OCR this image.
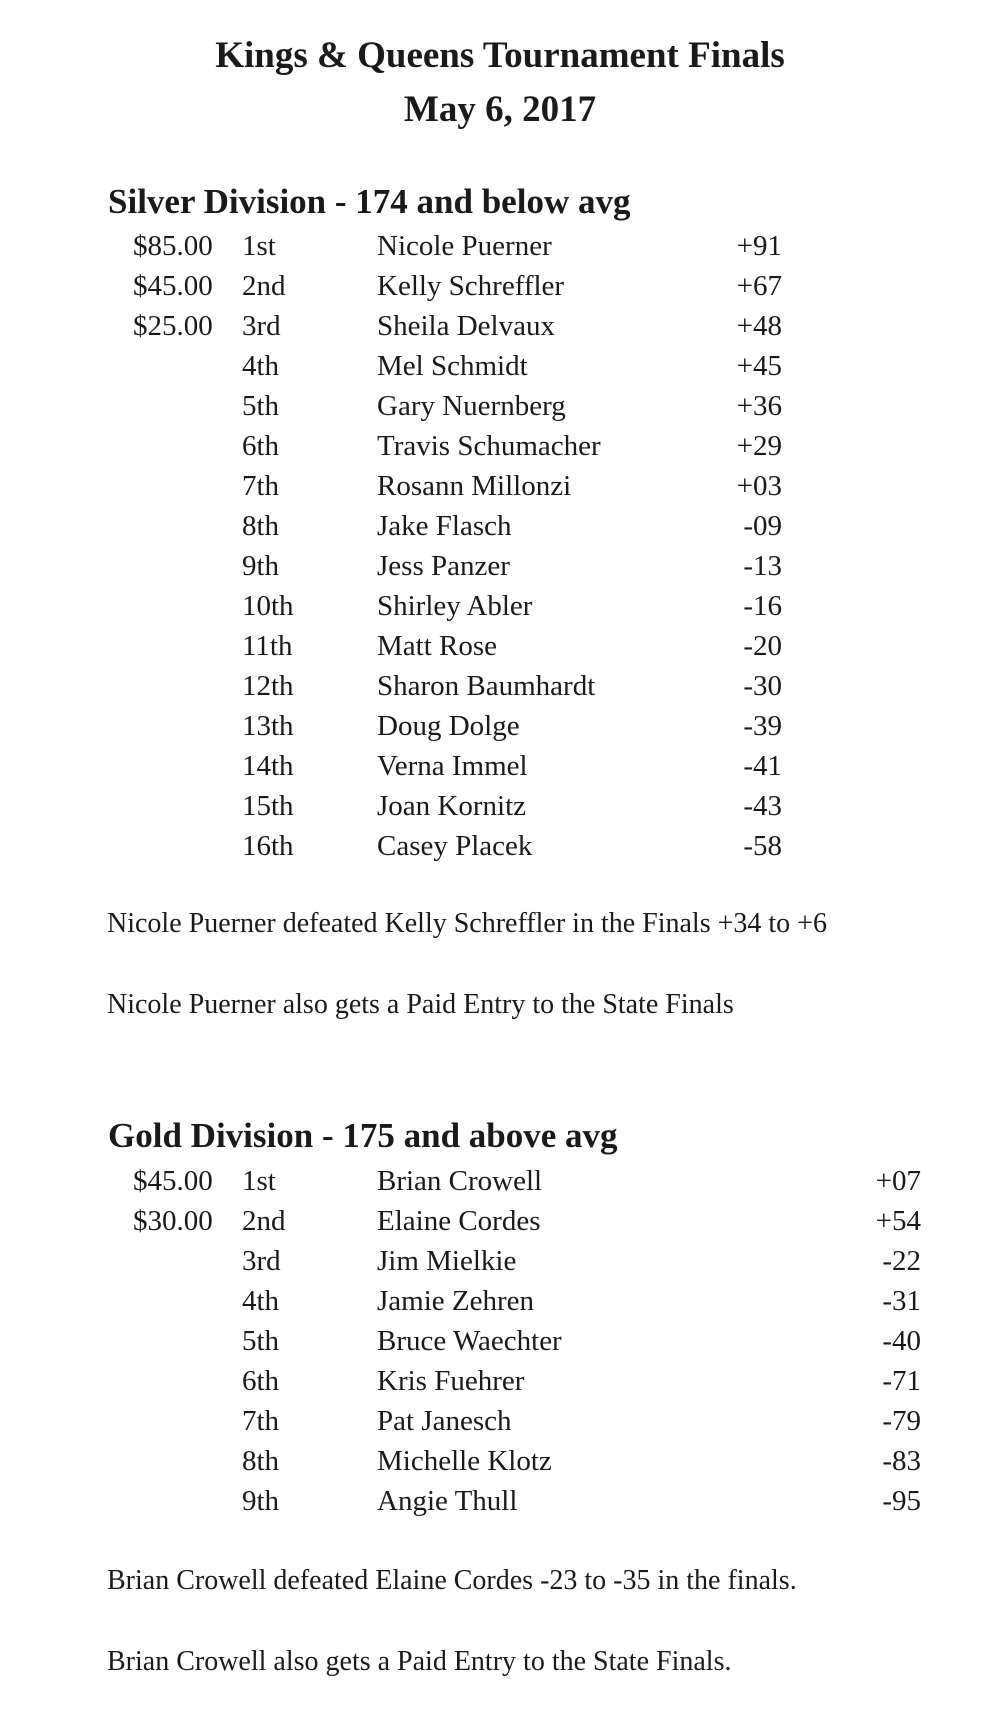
Kings & Queens Tournament Finals
May 6, 2017
Silver Division - 174 and below avg
$85.00 1st	Nicole Puerner	+91
$45.00 2nd	Kelly Schreffler	+67
$25.00 3rd	Sheila Delvaux	+48
4th	Mel Schmidt	+45
5th	Gary Nuernberg	+36
6th	Travis Schumacher	+29
7th	Rosann Millonzi	+03
8th	Jake Flasch	-09
9th	Jess Panzer	-13
10th	Shirley Abler	-16
11th	Matt Rose	-20
12th	Sharon Baumhardt	-30
13th	Doug Dolge	-39
14th	Verna Immel	-41
15th	Joan Kornitz	-43
16th	Casey Placek	-58

Nicole Puerner defeated Kelly Schreffler in the Finals +34 to +6

Nicole Puerner also gets a Paid Entry to the State Finals

Gold Division - 175 and above avg
$45.00 1st	Brian Crowell	+07
$30.00 2nd	Elaine Cordes	+54
3rd	Jim Mielkie	-22
4th	Jamie Zehren	-31
5th	Bruce Waechter	-40
6th	Kris Fuehrer	-71
7th	Pat Janesch	-79
8th	Michelle Klotz	-83
9th	Angie Thull	-95

Brian Crowell defeated Elaine Cordes -23 to -35 in the finals.

Brian Crowell also gets a Paid Entry to the State Finals.
